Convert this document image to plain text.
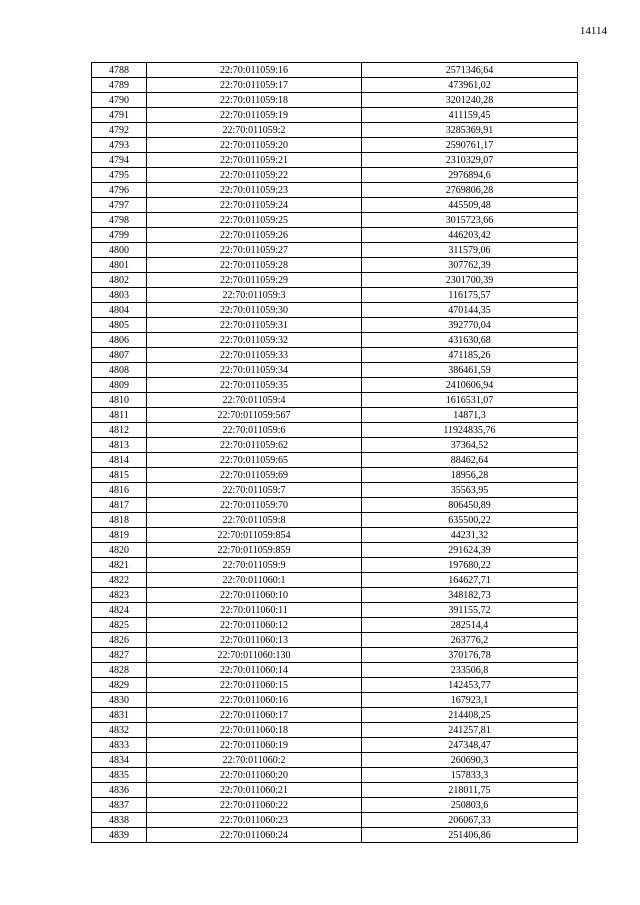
14114
4788	22:70:011059:16	2571346,64
4789	22:70:011059:17	473961,02
4790	22:70:011059:18	3201240,28
4791	22:70:011059:19	411159,45
4792	22:70:011059:2	3285369,91
4793	22:70:011059:20	2590761,17
4794	22:70:011059:21	2310329,07
4795	22:70:011059:22	2976894,6
4796	22:70:011059:23	2769806,28
4797	22:70:011059:24	445509,48
4798	22:70:011059:25	3015723,66
4799	22:70:011059:26	446203,42
4800	22:70:011059:27	311579,06
4801	22:70:011059:28	307762,39
4802	22:70:011059:29	2301700,39
4803	22:70:011059:3	116175,57
4804	22:70:011059:30	470144,35
4805	22:70:011059:31	392770,04
4806	22:70:011059:32	431630,68
4807	22:70:011059:33	471185,26
4808	22:70:011059:34	386461,59
4809	22:70:011059:35	2410606,94
4810	22:70:011059:4	1616531,07
4811	22:70:011059:567	14871,3
4812	22:70:011059:6	11924835,76
4813	22:70:011059:62	37364,52
4814	22:70:011059:65	88462,64
4815	22:70:011059:69	18956,28
4816	22:70:011059:7	35563,95
4817	22:70:011059:70	806450,89
4818	22:70:011059:8	635500,22
4819	22:70:011059:854	44231,32
4820	22:70:011059:859	291624,39
4821	22:70:011059:9	197680,22
4822	22:70:011060:1	164627,71
4823	22:70:011060:10	348182,73
4824	22:70:011060:11	391155,72
4825	22:70:011060:12	282514,4
4826	22:70:011060:13	263776,2
4827	22:70:011060:130	370176,78
4828	22:70:011060:14	233506,8
4829	22:70:011060:15	142453,77
4830	22:70:011060:16	167923,1
4831	22:70:011060:17	214408,25
4832	22:70:011060:18	241257,81
4833	22:70:011060:19	247348,47
4834	22:70:011060:2	260690,3
4835	22:70:011060:20	157833,3
4836	22:70:011060:21	218011,75
4837	22:70:011060:22	250803,6
4838	22:70:011060:23	206067,33
4839	22:70:011060:24	251406,86
